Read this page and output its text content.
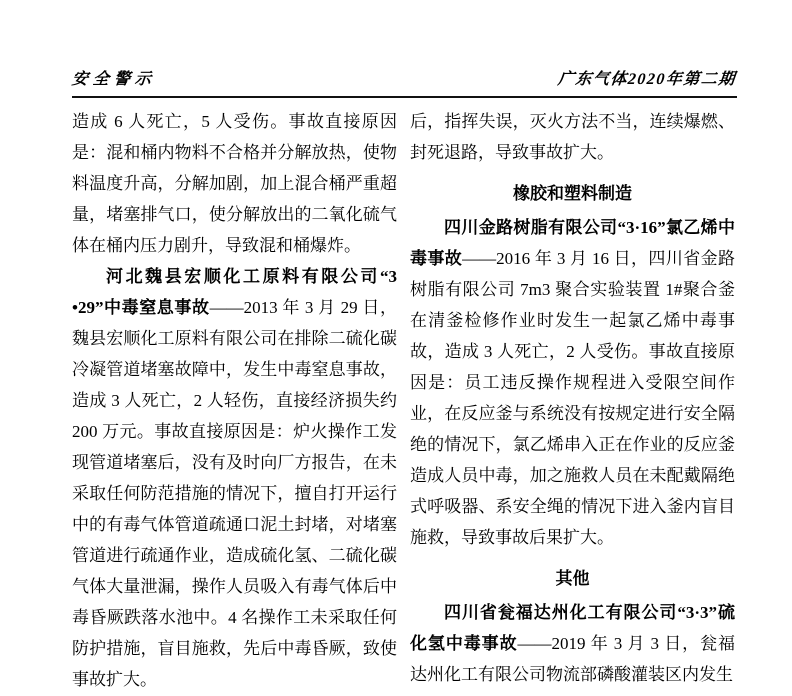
安全警示	广东气体2020年第二期

造成 6 人死亡，5 人受伤。事故直接原因是：混和桶内物料不合格并分解放热，使物料温度升高，分解加剧，加上混合桶严重超量，堵塞排气口，使分解放出的二氧化硫气体在桶内压力剧升，导致混和桶爆炸。

河北魏县宏顺化工原料有限公司“3 •29”中毒窒息事故——2013 年 3 月 29 日，魏县宏顺化工原料有限公司在排除二硫化碳冷凝管道堵塞故障中，发生中毒窒息事故，造成 3 人死亡，2 人轻伤，直接经济损失约 200 万元。事故直接原因是：炉火操作工发现管道堵塞后，没有及时向厂方报告，在未采取任何防范措施的情况下，擅自打开运行中的有毒气体管道疏通口泥土封堵，对堵塞管道进行疏通作业，造成硫化氢、二硫化碳气体大量泄漏，操作人员吸入有毒气体后中毒昏厥跌落水池中。4 名操作工未采取任何防护措施，盲目施救，先后中毒昏厥，致使事故扩大。

后，指挥失误，灭火方法不当，连续爆燃、封死退路，导致事故扩大。

橡胶和塑料制造

四川金路树脂有限公司“3·16”氯乙烯中毒事故——2016 年 3 月 16 日，四川省金路树脂有限公司 7m3 聚合实验装置 1#聚合釜在清釜检修作业时发生一起氯乙烯中毒事故，造成 3 人死亡，2 人受伤。事故直接原因是：员工违反操作规程进入受限空间作业，在反应釜与系统没有按规定进行安全隔绝的情况下，氯乙烯串入正在作业的反应釜造成人员中毒，加之施救人员在未配戴隔绝式呼吸器、系安全绳的情况下进入釜内盲目施救，导致事故后果扩大。

其他

四川省瓮福达州化工有限公司“3·3”硫化氢中毒事故——2019 年 3 月 3 日，瓮福达州化工有限公司物流部磷酸灌装区内发生
